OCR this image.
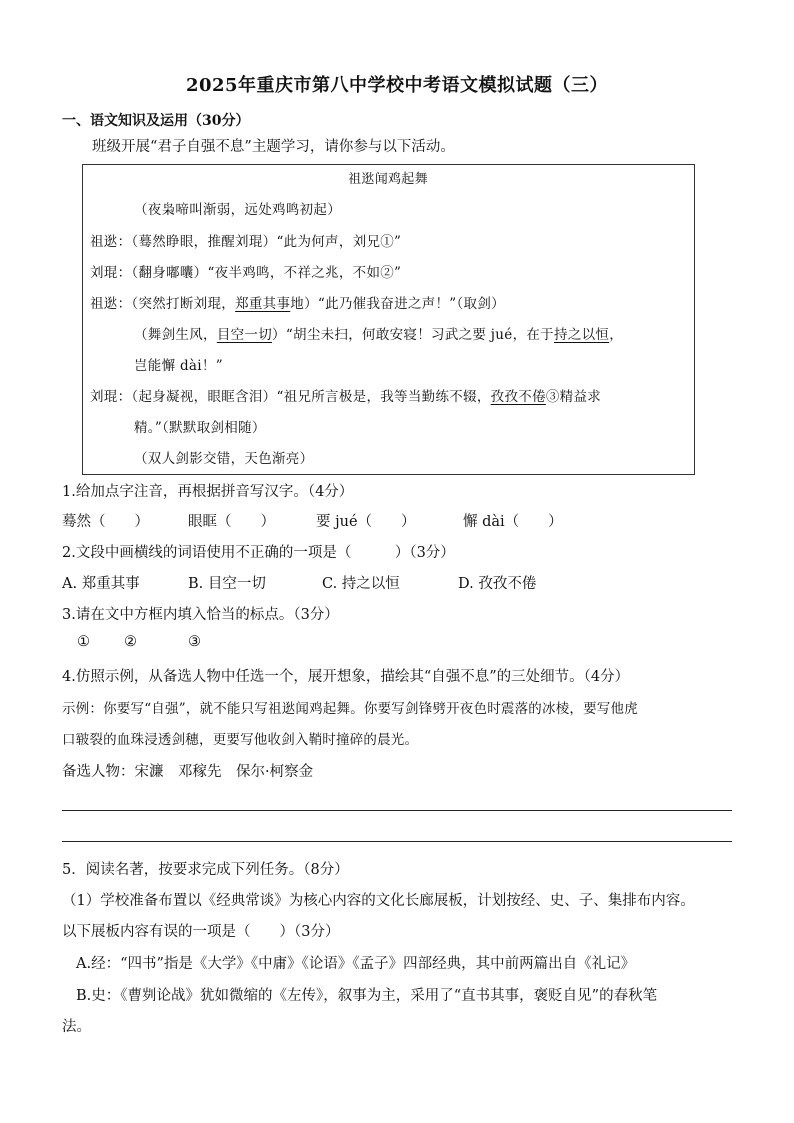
2025年重庆市第八中学校中考语文模拟试题（三）
一、语文知识及运用（30分）
班级开展“君子自强不息”主题学习，请你参与以下活动。
祖逖闻鸡起舞
（夜枭啼叫渐弱，远处鸡鸣初起）
祖逖：（蓦然睁眼，推醒刘琨）“此为何声，刘兄①”
刘琨：（翻身嘟囔）“夜半鸡鸣，不祥之兆，不如②”
祖逖：（突然打断刘琨，郑重其事地）“此乃催我奋进之声！”（取剑）
（舞剑生风，目空一切）“胡尘未扫，何敢安寝！习武之要 jué，在于持之以恒，
岂能懈 dài！”
刘琨：（起身凝视，眼眶含泪）“祖兄所言极是，我等当勤练不辍，孜孜不倦③精益求
精。”（默默取剑相随）
（双人剑影交错，天色渐亮）
1.给加点字注音，再根据拼音写汉字。（4分）
蓦然（　　）	眼眶（　　）	要 jué（　　）	懈 dài（　　）
2.文段中画横线的词语使用不正确的一项是（　　　）（3分）
A. 郑重其事	B. 目空一切	C. 持之以恒	D. 孜孜不倦
3.请在文中方框内填入恰当的标点。（3分）
① ②	③
4.仿照示例，从备选人物中任选一个，展开想象，描绘其“自强不息”的三处细节。（4分）
示例：你要写“自强”，就不能只写祖逖闻鸡起舞。你要写剑锋劈开夜色时震落的冰棱，要写他虎
口皲裂的血珠浸透剑穗，更要写他收剑入鞘时撞碎的晨光。
备选人物：宋濂　邓稼先　保尔·柯察金
5．阅读名著，按要求完成下列任务。（8分）
（1）学校准备布置以《经典常谈》为核心内容的文化长廊展板，计划按经、史、子、集排布内容。
以下展板内容有误的一项是（　　）（3分）
A.经：“四书”指是《大学》《中庸》《论语》《孟子》四部经典，其中前两篇出自《礼记》
B.史：《曹刿论战》犹如微缩的《左传》，叙事为主，采用了“直书其事，褒贬自见”的春秋笔
法。
